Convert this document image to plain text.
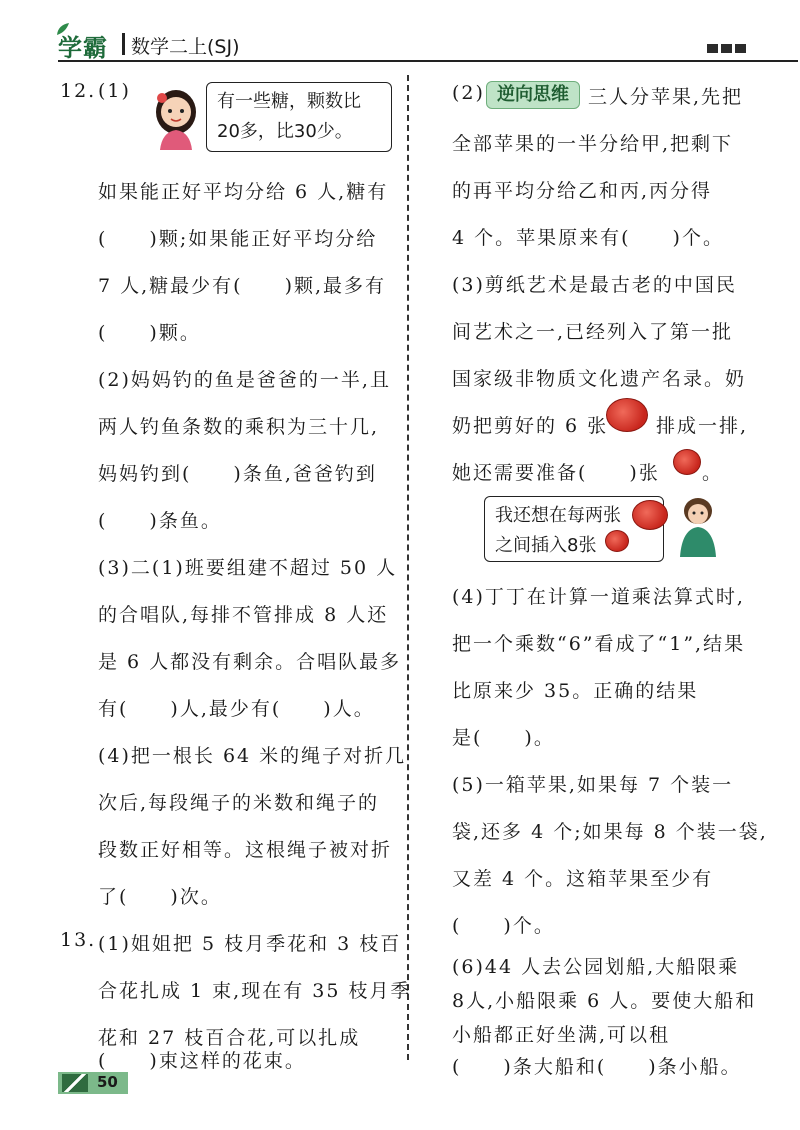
学霸 数学二上(SJ)
12. (1)	有一些糖，颗数比
20多，比30少。
如果能正好平均分给 6 人,糖有
(　　)颗;如果能正好平均分给
7 人,糖最少有(　　)颗,最多有
(　　)颗。
(2)妈妈钓的鱼是爸爸的一半,且
两人钓鱼条数的乘积为三十几,
妈妈钓到(　　)条鱼,爸爸钓到
(　　)条鱼。
(3)二(1)班要组建不超过 50 人
的合唱队,每排不管排成 8 人还
是 6 人都没有剩余。合唱队最多
有(　　)人,最少有(　　)人。
(4)把一根长 64 米的绳子对折几
次后,每段绳子的米数和绳子的
段数正好相等。这根绳子被对折
了(　　)次。
13. (1)姐姐把 5 枝月季花和 3 枝百
合花扎成 1 束,现在有 35 枝月季
花和 27 枝百合花,可以扎成
(　　)束这样的花束。
(2) 逆向思维	三人分苹果,先把
全部苹果的一半分给甲,把剩下
的再平均分给乙和丙,丙分得
4 个。苹果原来有(　　)个。
(3)剪纸艺术是最古老的中国民
间艺术之一,已经列入了第一批
国家级非物质文化遗产名录。奶
奶把剪好的 6 张	排成一排,
她还需要准备(　　)张 。
我还想在每两张
之间插入8张
(4)丁丁在计算一道乘法算式时,
把一个乘数“6”看成了“1”,结果
比原来少 35。正确的结果
是(　　)。
(5)一箱苹果,如果每 7 个装一
袋,还多 4 个;如果每 8 个装一袋,
又差 4 个。这箱苹果至少有
(　　)个。
(6)44 人去公园划船,大船限乘
8人,小船限乘 6 人。要使大船和
50
小船都正好坐满,可以租
(　　)条大船和(　　)条小船。
